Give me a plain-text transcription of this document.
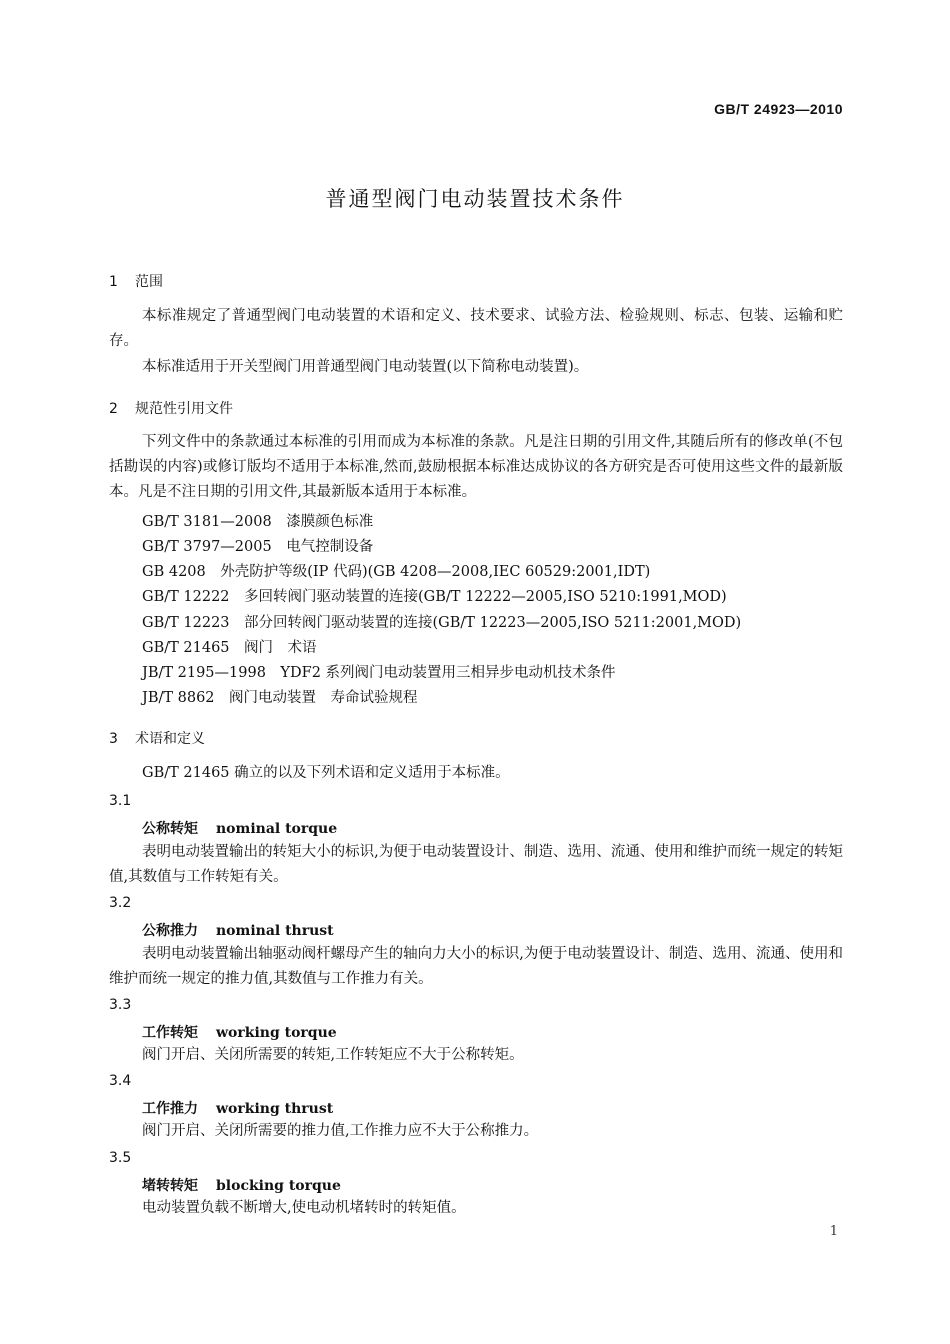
GB/T 24923—2010
普通型阀门电动装置技术条件
1 范围
本标准规定了普通型阀门电动装置的术语和定义、技术要求、试验方法、检验规则、标志、包装、运输和贮存。
本标准适用于开关型阀门用普通型阀门电动装置(以下简称电动装置)。
2 规范性引用文件
下列文件中的条款通过本标准的引用而成为本标准的条款。凡是注日期的引用文件,其随后所有的修改单(不包括勘误的内容)或修订版均不适用于本标准,然而,鼓励根据本标准达成协议的各方研究是否可使用这些文件的最新版本。凡是不注日期的引用文件,其最新版本适用于本标准。
GB/T 3181—2008　漆膜颜色标准
GB/T 3797—2005　电气控制设备
GB 4208　外壳防护等级(IP 代码)(GB 4208—2008,IEC 60529:2001,IDT)
GB/T 12222　多回转阀门驱动装置的连接(GB/T 12222—2005,ISO 5210:1991,MOD)
GB/T 12223　部分回转阀门驱动装置的连接(GB/T 12223—2005,ISO 5211:2001,MOD)
GB/T 21465　阀门　术语
JB/T 2195—1998　YDF2 系列阀门电动装置用三相异步电动机技术条件
JB/T 8862　阀门电动装置　寿命试验规程
3 术语和定义
GB/T 21465 确立的以及下列术语和定义适用于本标准。
3.1
公称转矩 nominal torque
表明电动装置输出的转矩大小的标识,为便于电动装置设计、制造、选用、流通、使用和维护而统一规定的转矩值,其数值与工作转矩有关。
3.2
公称推力 nominal thrust
表明电动装置输出轴驱动阀杆螺母产生的轴向力大小的标识,为便于电动装置设计、制造、选用、流通、使用和维护而统一规定的推力值,其数值与工作推力有关。
3.3
工作转矩 working torque
阀门开启、关闭所需要的转矩,工作转矩应不大于公称转矩。
3.4
工作推力 working thrust
阀门开启、关闭所需要的推力值,工作推力应不大于公称推力。
3.5
堵转转矩 blocking torque
电动装置负载不断增大,使电动机堵转时的转矩值。
1
